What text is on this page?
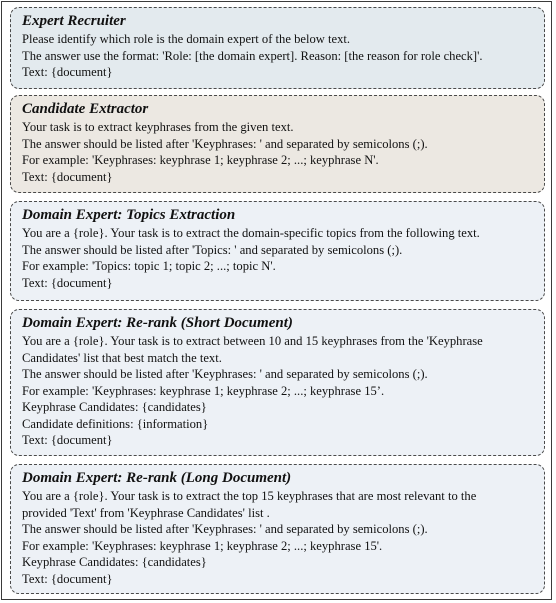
Expert Recruiter
Please identify which role is the domain expert of the below text.
The answer use the format: 'Role: [the domain expert]. Reason: [the reason for role check]'.
Text: {document}
Candidate Extractor
Your task is to extract keyphrases from the given text.
The answer should be listed after 'Keyphrases: ' and separated by semicolons (;).
For example: 'Keyphrases: keyphrase 1; keyphrase 2; ...; keyphrase N'.
Text: {document}
Domain Expert: Topics Extraction
You are a {role}. Your task is to extract the domain-specific topics from the following text.
The answer should be listed after 'Topics: ' and separated by semicolons (;).
For example: 'Topics: topic 1; topic 2; ...; topic N'.
Text: {document}
Domain Expert: Re-rank (Short Document)
You are a {role}. Your task is to extract between 10 and 15 keyphrases from the 'Keyphrase
Candidates' list that best match the text.
The answer should be listed after 'Keyphrases: ' and separated by semicolons (;).
For example: 'Keyphrases: keyphrase 1; keyphrase 2; ...; keyphrase 15’.
Keyphrase Candidates: {candidates}
Candidate definitions: {information}
Text: {document}
Domain Expert: Re-rank (Long Document)
You are a {role}. Your task is to extract the top 15 keyphrases that are most relevant to the
provided 'Text' from 'Keyphrase Candidates' list .
The answer should be listed after 'Keyphrases: ' and separated by semicolons (;).
For example: 'Keyphrases: keyphrase 1; keyphrase 2; ...; keyphrase 15'.
Keyphrase Candidates: {candidates}
Text: {document}
